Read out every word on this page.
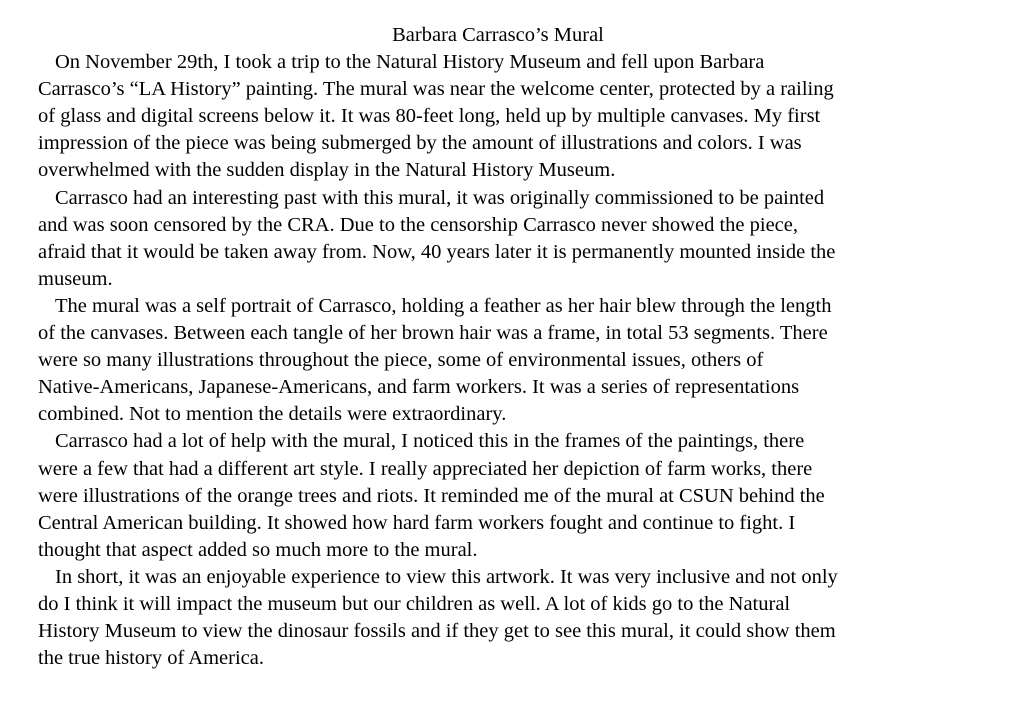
Barbara Carrasco’s Mural
On November 29th, I took a trip to the Natural History Museum and fell upon Barbara
Carrasco’s “LA History” painting. The mural was near the welcome center, protected by a railing
of glass and digital screens below it. It was 80-feet long, held up by multiple canvases. My first
impression of the piece was being submerged by the amount of illustrations and colors. I was
overwhelmed with the sudden display in the Natural History Museum.
Carrasco had an interesting past with this mural, it was originally commissioned to be painted
and was soon censored by the CRA. Due to the censorship Carrasco never showed the piece,
afraid that it would be taken away from. Now, 40 years later it is permanently mounted inside the
museum.
The mural was a self portrait of Carrasco, holding a feather as her hair blew through the length
of the canvases. Between each tangle of her brown hair was a frame, in total 53 segments. There
were so many illustrations throughout the piece, some of environmental issues, others of
Native-Americans, Japanese-Americans, and farm workers. It was a series of representations
combined. Not to mention the details were extraordinary.
Carrasco had a lot of help with the mural, I noticed this in the frames of the paintings, there
were a few that had a different art style. I really appreciated her depiction of farm works, there
were illustrations of the orange trees and riots. It reminded me of the mural at CSUN behind the
Central American building. It showed how hard farm workers fought and continue to fight. I
thought that aspect added so much more to the mural.
In short, it was an enjoyable experience to view this artwork. It was very inclusive and not only
do I think it will impact the museum but our children as well. A lot of kids go to the Natural
History Museum to view the dinosaur fossils and if they get to see this mural, it could show them
the true history of America.
